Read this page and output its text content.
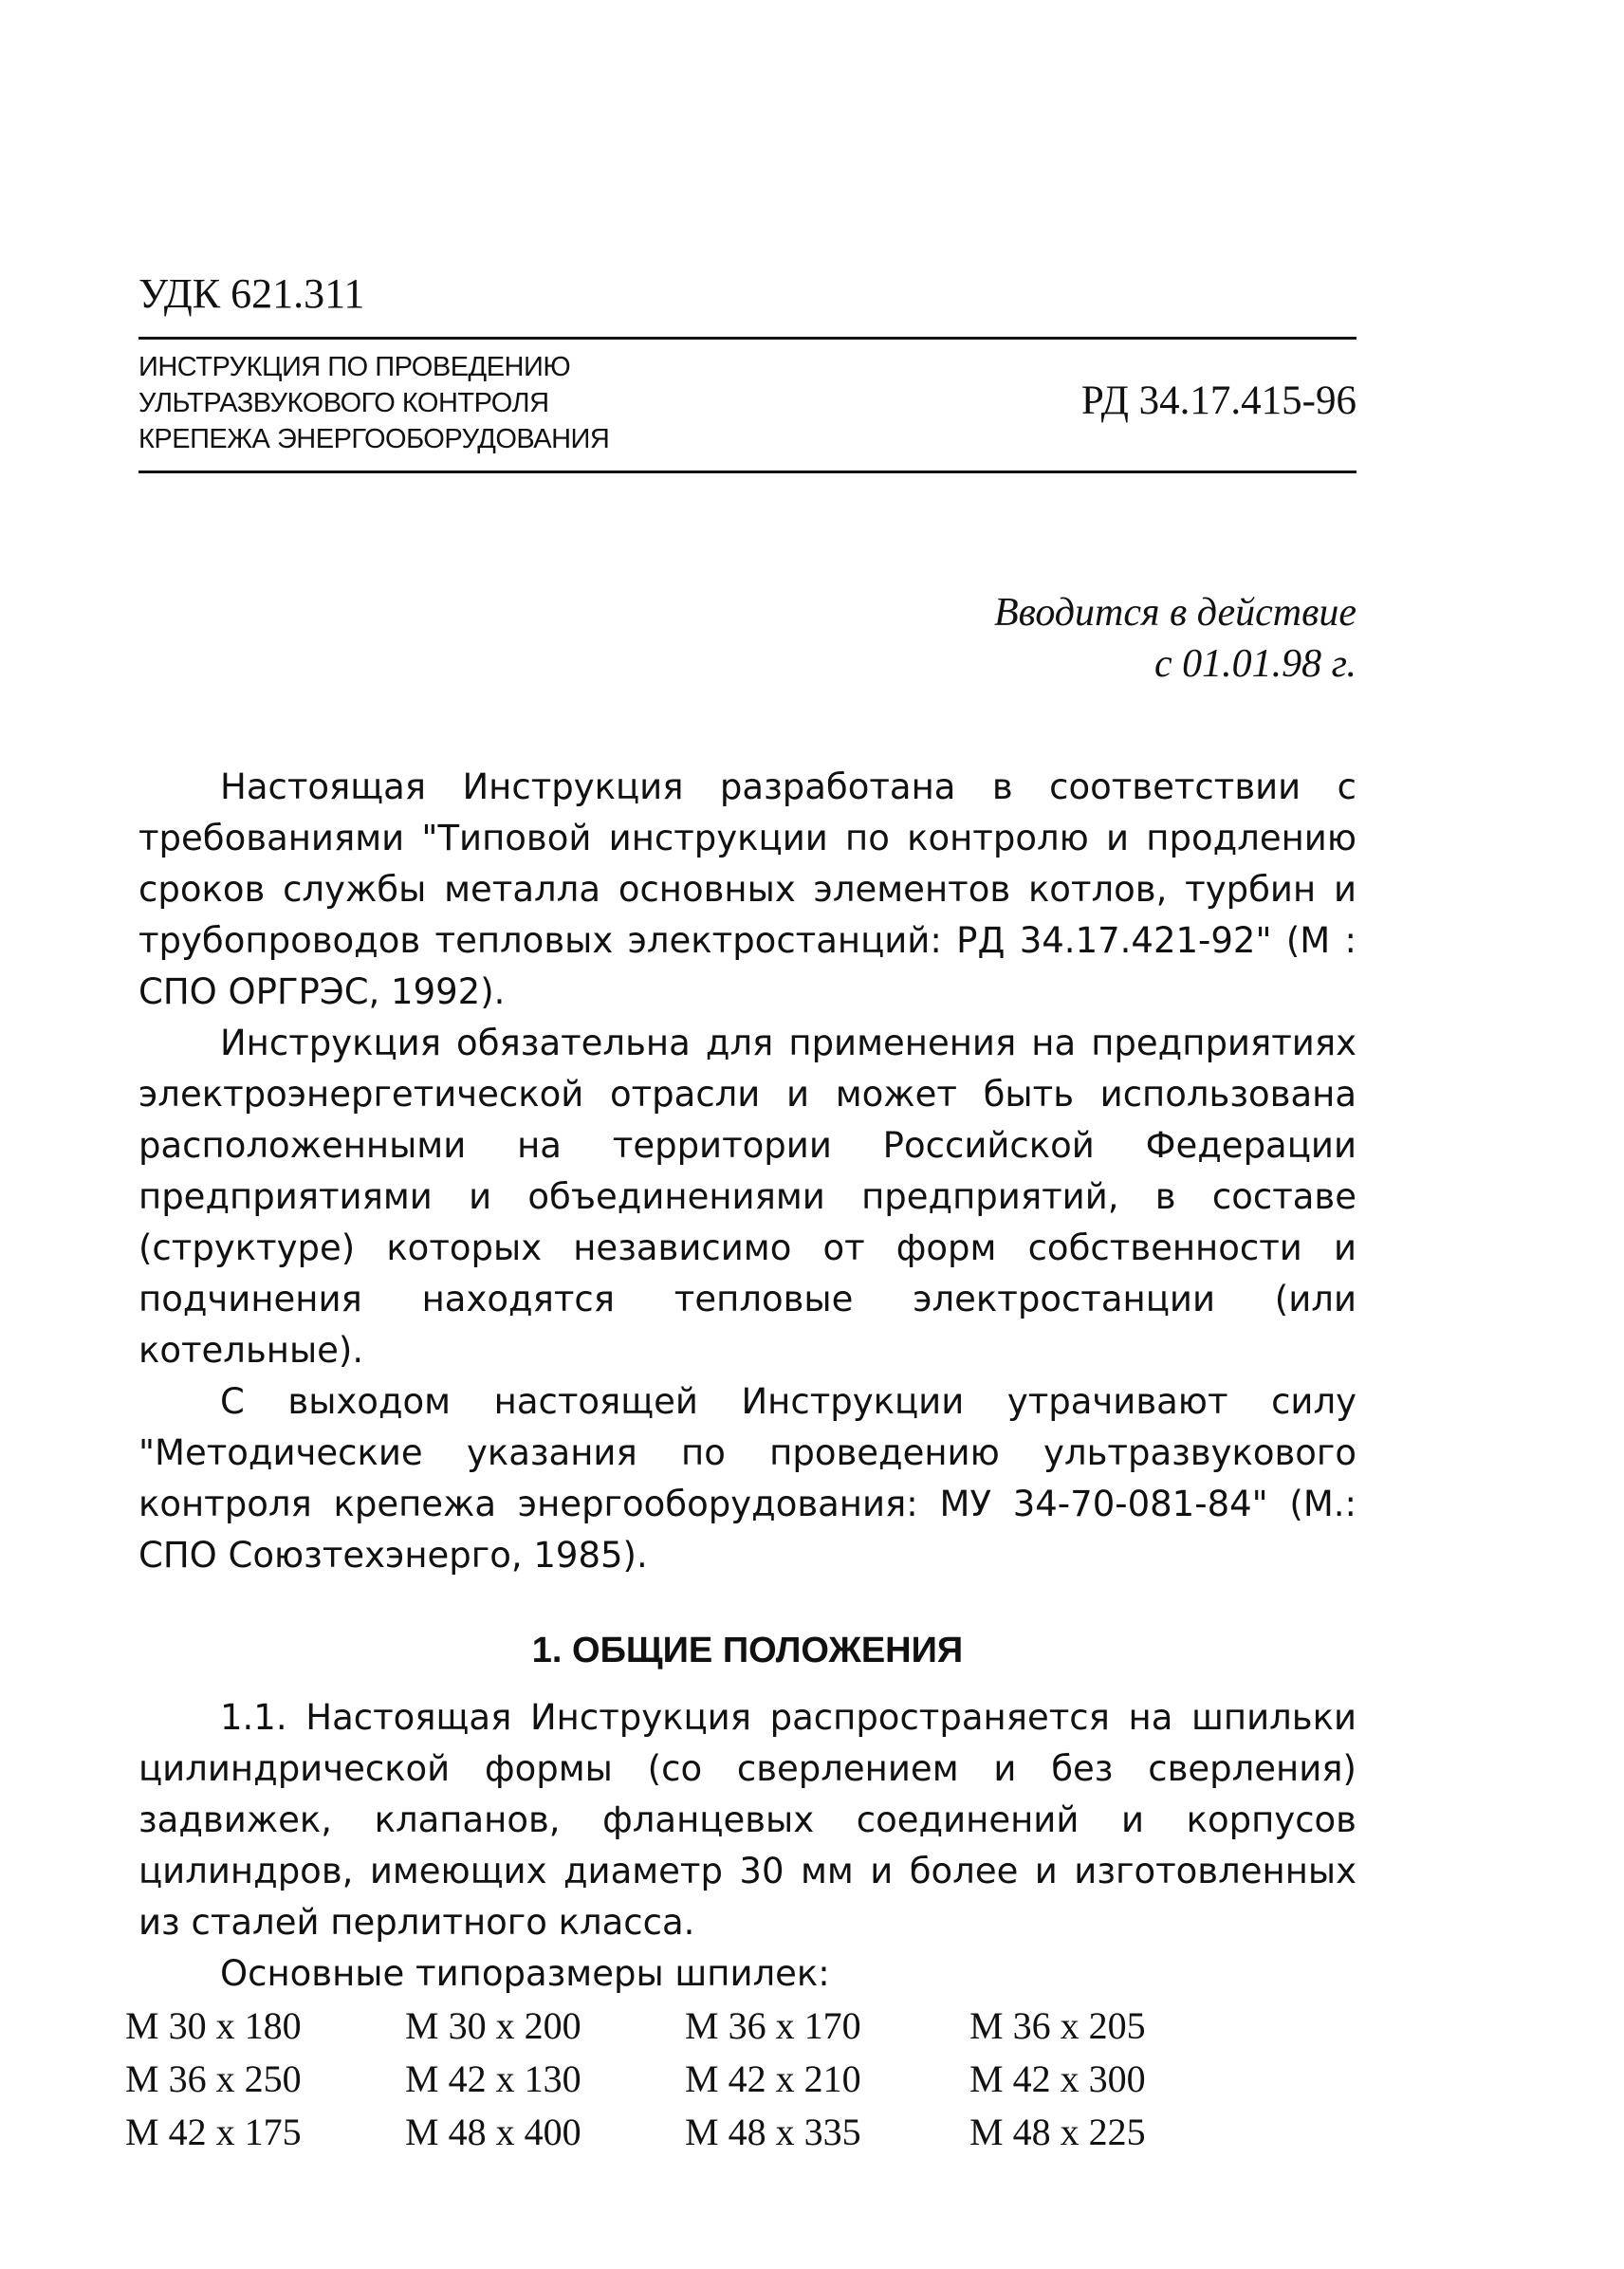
УДК 621.311
ИНСТРУКЦИЯ ПО ПРОВЕДЕНИЮ
УЛЬТРАЗВУКОВОГО КОНТРОЛЯ
КРЕПЕЖА ЭНЕРГООБОРУДОВАНИЯ
РД 34.17.415-96
Вводится в действие
с 01.01.98 г.

Настоящая Инструкция разработана в соответствии с требованиями "Типовой инструкции по контролю и продлению сроков службы металла основных элементов котлов, турбин и трубопроводов тепловых электростанций: РД 34.17.421-92" (М : СПО ОРГРЭС, 1992).

Инструкция обязательна для применения на предприятиях электроэнергетической отрасли и может быть использована расположенными на территории Российской Федерации предприятиями и объединениями предприятий, в составе (структуре) которых независимо от форм собственности и подчинения находятся тепловые электростанции (или котельные).

С выходом настоящей Инструкции утрачивают силу "Методические указания по проведению ультразвукового контроля крепежа энергооборудования: МУ 34-70-081-84" (М.: СПО Союзтехэнерго, 1985).

1. ОБЩИЕ ПОЛОЖЕНИЯ

1.1. Настоящая Инструкция распространяется на шпильки цилиндрической формы (со сверлением и без сверления) задвижек, клапанов, фланцевых соединений и корпусов цилиндров, имеющих диаметр 30 мм и более и изготовленных из сталей перлитного класса.

Основные типоразмеры шпилек:

М 30 х 180	М 30 х 200	М 36 х 170	М 36 х 205
М 36 х 250	М 42 х 130	М 42 х 210	М 42 х 300
М 42 х 175	М 48 х 400	М 48 х 335	М 48 х 225
